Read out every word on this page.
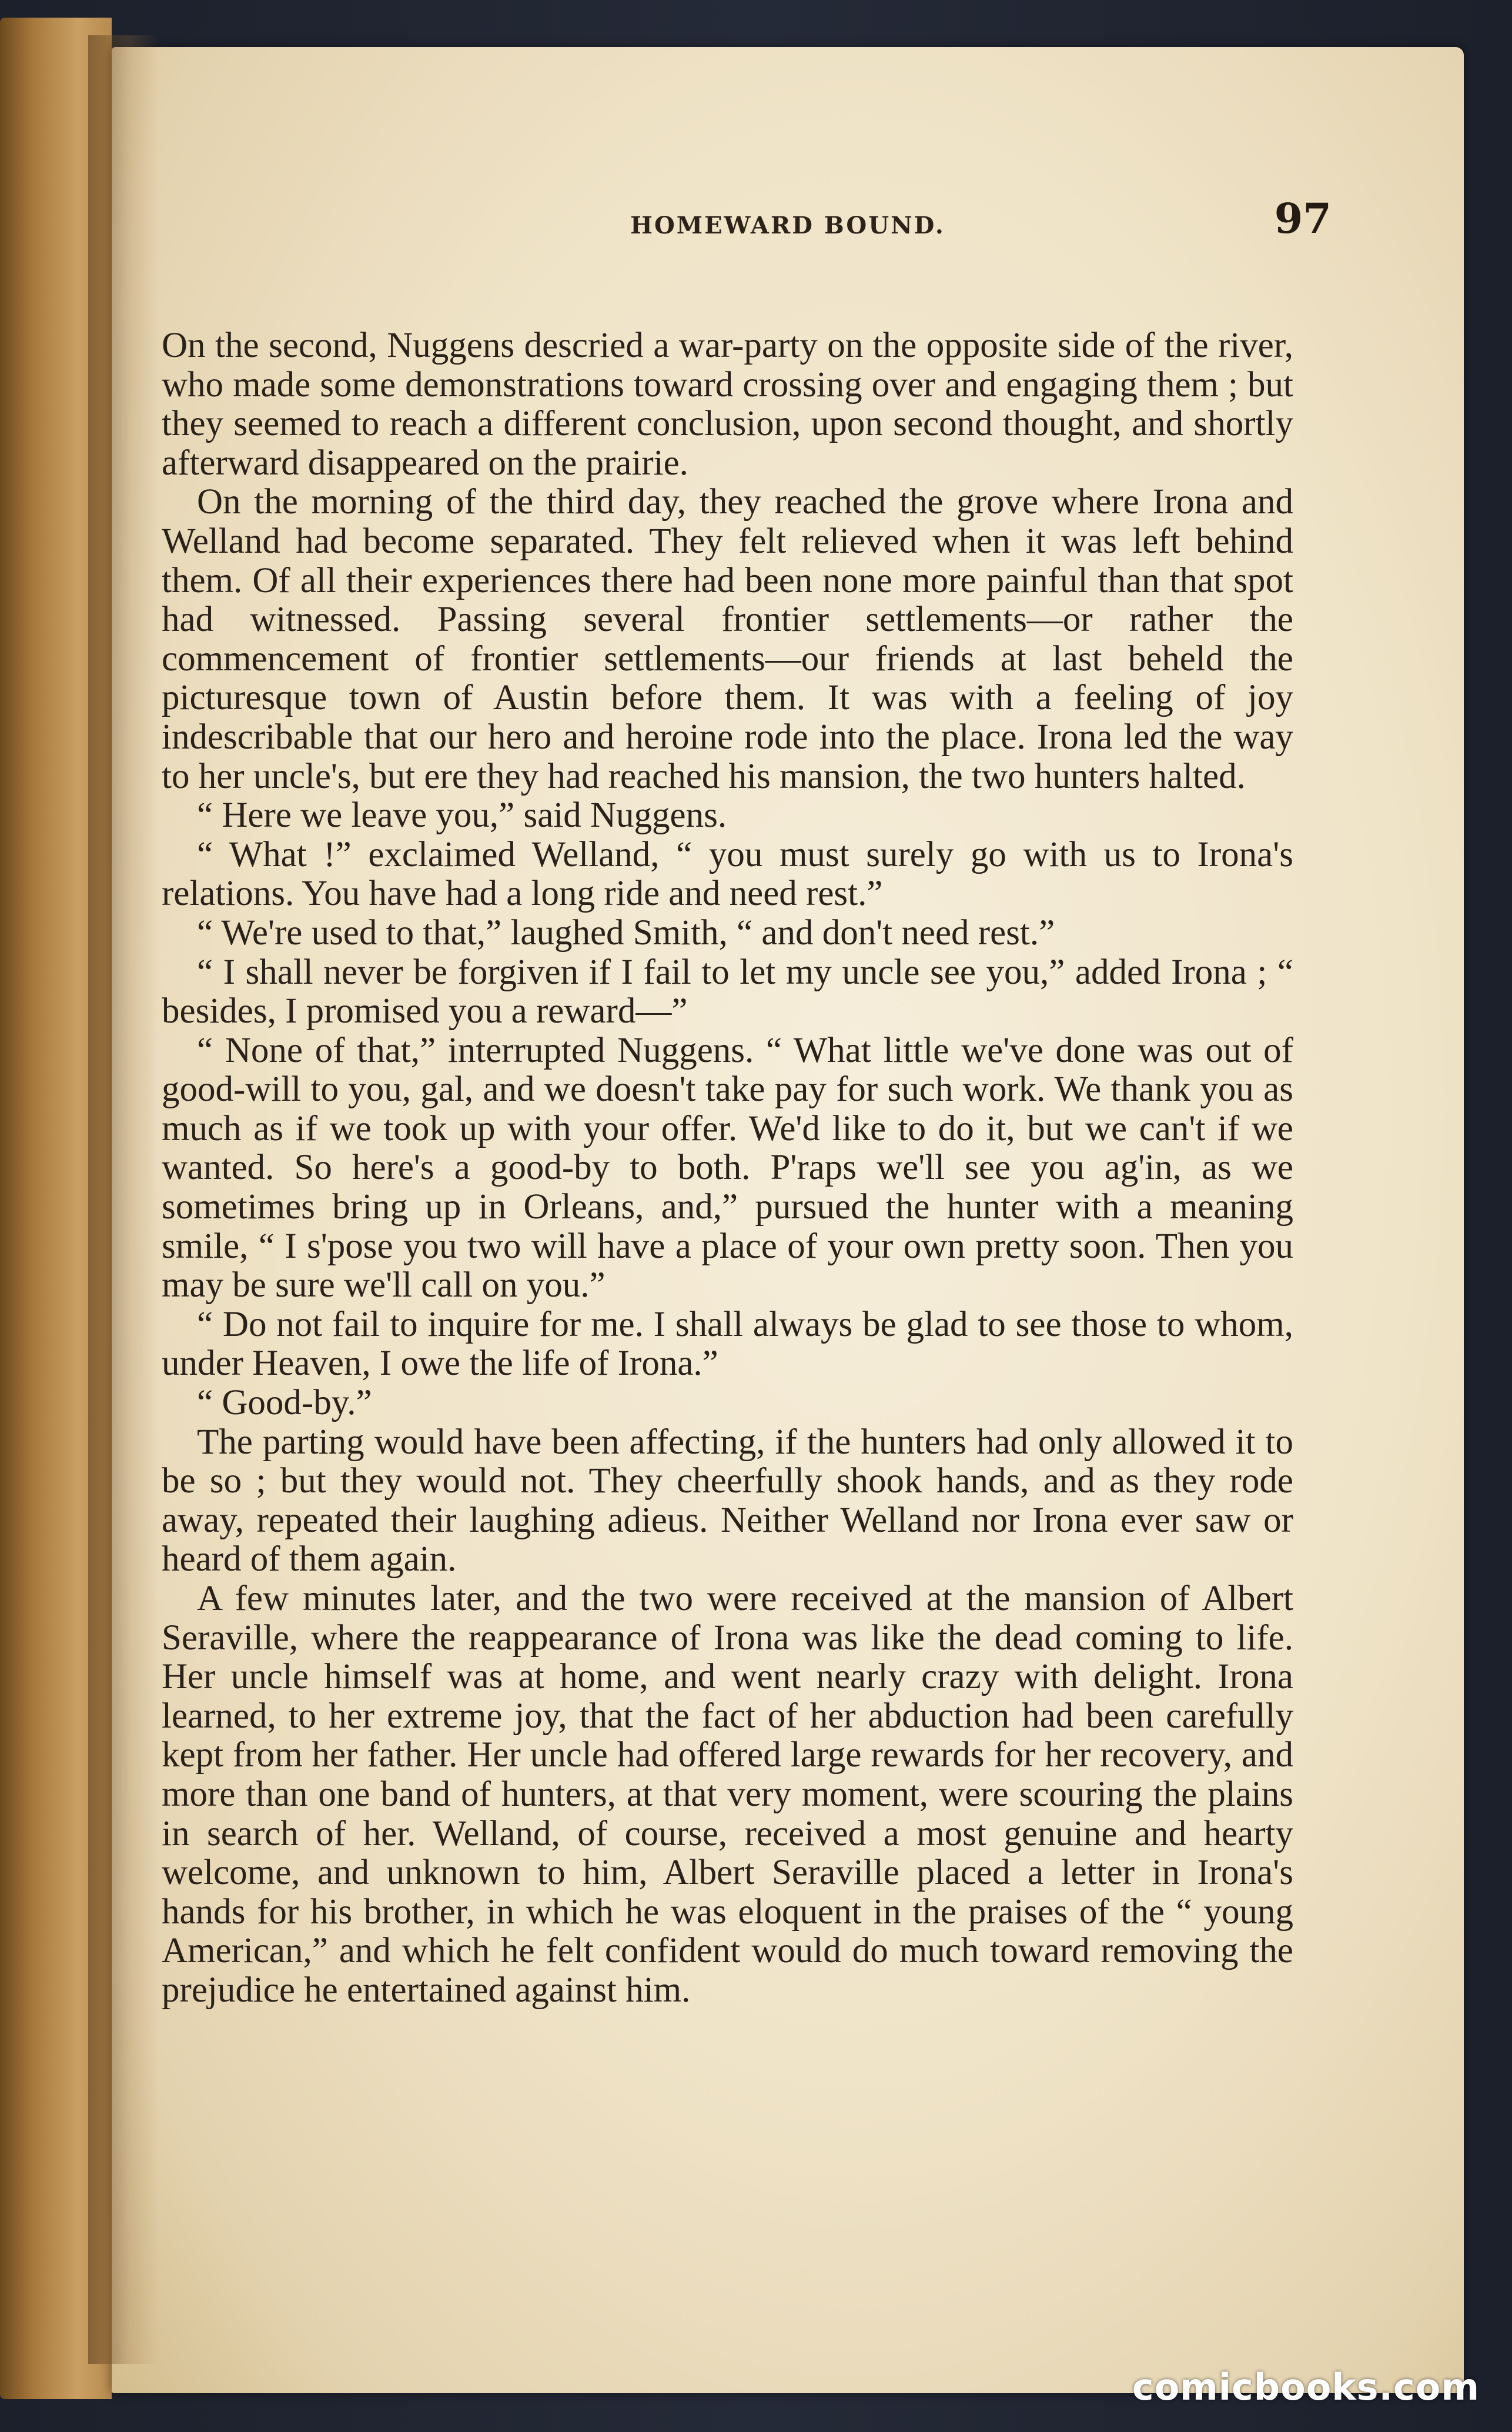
HOMEWARD BOUND.	97

On the second, Nuggens descried a war-party on the opposite side of the river, who made some demonstrations toward crossing over and engaging them ; but they seemed to reach a different conclusion, upon second thought, and shortly afterward disappeared on the prairie.

On the morning of the third day, they reached the grove where Irona and Welland had become separated. They felt relieved when it was left behind them. Of all their experiences there had been none more painful than that spot had witnessed. Passing several frontier settlements—or rather the commencement of frontier settlements—our friends at last beheld the picturesque town of Austin before them. It was with a feeling of joy indescribable that our hero and heroine rode into the place. Irona led the way to her uncle's, but ere they had reached his mansion, the two hunters halted.

“ Here we leave you,” said Nuggens.

“ What !” exclaimed Welland, “ you must surely go with us to Irona's relations. You have had a long ride and need rest.”

“ We're used to that,” laughed Smith, “ and don't need rest.”

“ I shall never be forgiven if I fail to let my uncle see you,” added Irona ; “ besides, I promised you a reward—”

“ None of that,” interrupted Nuggens. “ What little we've done was out of good-will to you, gal, and we doesn't take pay for such work. We thank you as much as if we took up with your offer. We'd like to do it, but we can't if we wanted. So here's a good-by to both. P'raps we'll see you ag'in, as we sometimes bring up in Orleans, and,” pursued the hunter with a meaning smile, “ I s'pose you two will have a place of your own pretty soon. Then you may be sure we'll call on you.”

“ Do not fail to inquire for me. I shall always be glad to see those to whom, under Heaven, I owe the life of Irona.”

“ Good-by.”

The parting would have been affecting, if the hunters had only allowed it to be so ; but they would not. They cheerfully shook hands, and as they rode away, repeated their laughing adieus. Neither Welland nor Irona ever saw or heard of them again.

A few minutes later, and the two were received at the mansion of Albert Seraville, where the reappearance of Irona was like the dead coming to life. Her uncle himself was at home, and went nearly crazy with delight. Irona learned, to her extreme joy, that the fact of her abduction had been carefully kept from her father. Her uncle had offered large rewards for her recovery, and more than one band of hunters, at that very moment, were scouring the plains in search of her. Welland, of course, received a most genuine and hearty welcome, and unknown to him, Albert Seraville placed a letter in Irona's hands for his brother, in which he was eloquent in the praises of the “ young American,” and which he felt confident would do much toward removing the prejudice he entertained against him.

comicbooks.com
